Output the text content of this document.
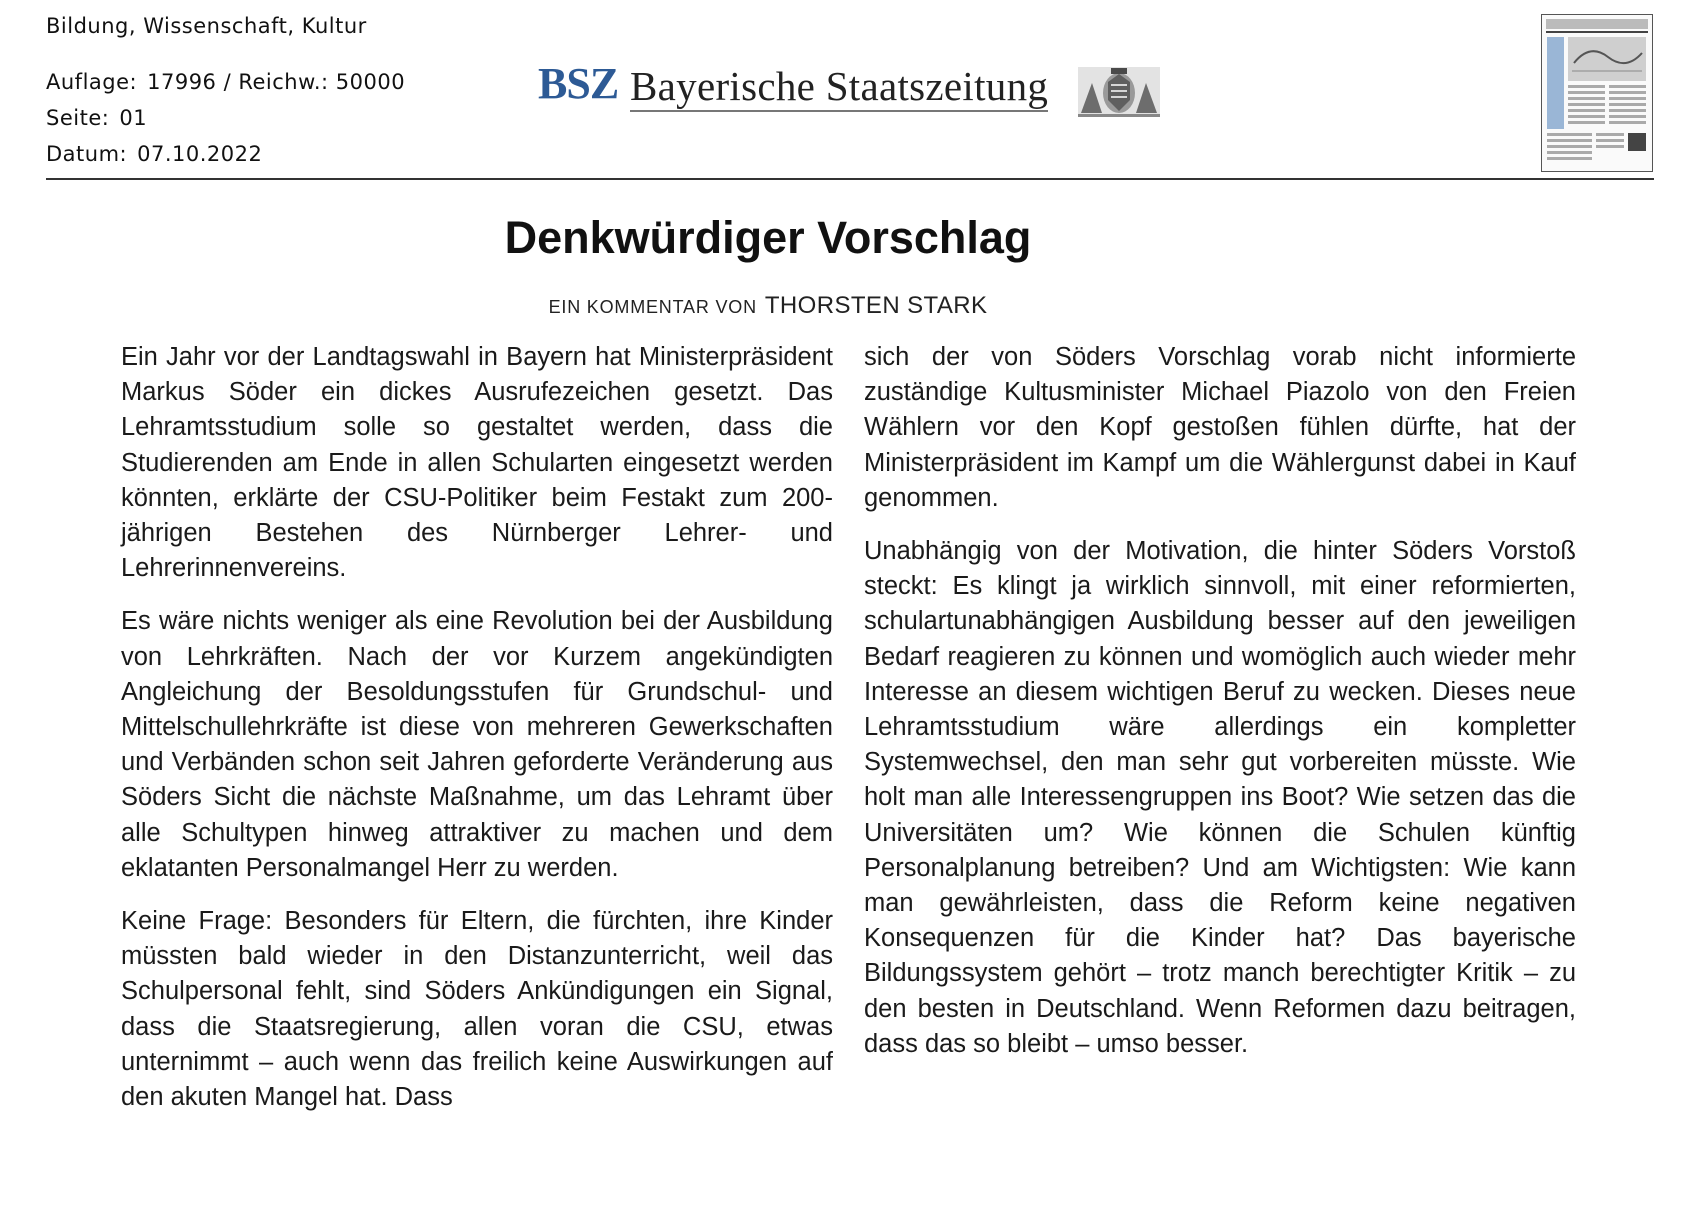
Bildung, Wissenschaft, Kultur
Auflage: 17996 / Reichw.: 50000
Seite: 01
Datum: 07.10.2022
BSZ Bayerische Staatszeitung
Denkwürdiger Vorschlag
EIN KOMMENTAR VON THORSTEN STARK

Ein Jahr vor der Landtagswahl in Bayern hat Ministerpräsident Markus Söder ein dickes Ausrufezeichen gesetzt. Das Lehramtsstudium solle so gestaltet werden, dass die Studierenden am Ende in allen Schularten eingesetzt werden könnten, erklärte der CSU-Politiker beim Festakt zum 200-jährigen Bestehen des Nürnberger Lehrer- und Lehrerinnenvereins.

Es wäre nichts weniger als eine Revolution bei der Ausbildung von Lehrkräften. Nach der vor Kurzem angekündigten Angleichung der Besoldungsstufen für Grundschul- und Mittelschullehrkräfte ist diese von mehreren Gewerkschaften und Verbänden schon seit Jahren geforderte Veränderung aus Söders Sicht die nächste Maßnahme, um das Lehramt über alle Schultypen hinweg attraktiver zu machen und dem eklatanten Personalmangel Herr zu werden.

Keine Frage: Besonders für Eltern, die fürchten, ihre Kinder müssten bald wieder in den Distanzunterricht, weil das Schulpersonal fehlt, sind Söders Ankündigungen ein Signal, dass die Staatsregierung, allen voran die CSU, etwas unternimmt – auch wenn das freilich keine Auswirkungen auf den akuten Mangel hat. Dass

sich der von Söders Vorschlag vorab nicht informierte zuständige Kultusminister Michael Piazolo von den Freien Wählern vor den Kopf gestoßen fühlen dürfte, hat der Ministerpräsident im Kampf um die Wählergunst dabei in Kauf genommen.

Unabhängig von der Motivation, die hinter Söders Vorstoß steckt: Es klingt ja wirklich sinnvoll, mit einer reformierten, schulartunabhängigen Ausbildung besser auf den jeweiligen Bedarf reagieren zu können und womöglich auch wieder mehr Interesse an diesem wichtigen Beruf zu wecken. Dieses neue Lehramtsstudium wäre allerdings ein kompletter Systemwechsel, den man sehr gut vorbereiten müsste. Wie holt man alle Interessengruppen ins Boot? Wie setzen das die Universitäten um? Wie können die Schulen künftig Personalplanung betreiben? Und am Wichtigsten: Wie kann man gewährleisten, dass die Reform keine negativen Konsequenzen für die Kinder hat? Das bayerische Bildungssystem gehört – trotz manch berechtigter Kritik – zu den besten in Deutschland. Wenn Reformen dazu beitragen, dass das so bleibt – umso besser.
